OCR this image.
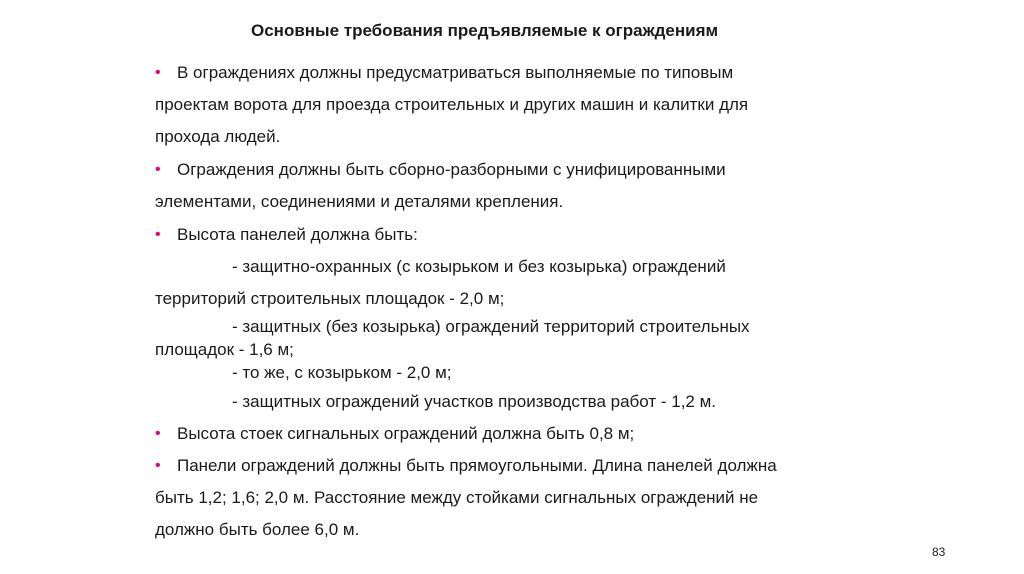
Основные требования предъявляемые к ограждениям
• В ограждениях должны предусматриваться выполняемые по типовым
проектам ворота для проезда строительных и других машин и калитки для
прохода людей.
• Ограждения должны быть сборно-разборными с унифицированными
элементами, соединениями и деталями крепления.
• Высота панелей должна быть:
- защитно-охранных (с козырьком и без козырька) ограждений
территорий строительных площадок - 2,0 м;
- защитных (без козырька) ограждений территорий строительных
площадок - 1,6 м;
- то же, с козырьком - 2,0 м;
- защитных ограждений участков производства работ - 1,2 м.
• Высота стоек сигнальных ограждений должна быть 0,8 м;
• Панели ограждений должны быть прямоугольными. Длина панелей должна
быть 1,2; 1,6; 2,0 м. Расстояние между стойками сигнальных ограждений не
должно быть более 6,0 м.
83
